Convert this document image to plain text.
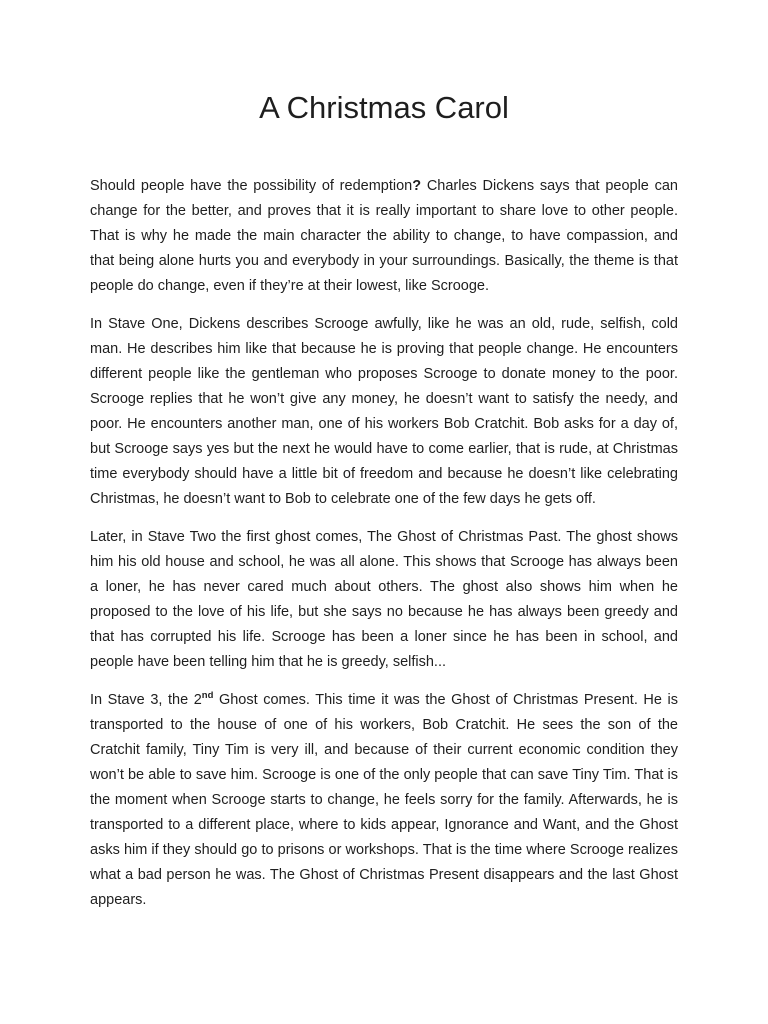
A Christmas Carol

Should people have the possibility of redemption? Charles Dickens says that people can change for the better, and proves that it is really important to share love to other people. That is why he made the main character the ability to change, to have compassion, and that being alone hurts you and everybody in your surroundings. Basically, the theme is that people do change, even if they’re at their lowest, like Scrooge.

In Stave One, Dickens describes Scrooge awfully, like he was an old, rude, selfish, cold man. He describes him like that because he is proving that people change. He encounters different people like the gentleman who proposes Scrooge to donate money to the poor. Scrooge replies that he won’t give any money, he doesn’t want to satisfy the needy, and poor. He encounters another man, one of his workers Bob Cratchit. Bob asks for a day of, but Scrooge says yes but the next he would have to come earlier, that is rude, at Christmas time everybody should have a little bit of freedom and because he doesn’t like celebrating Christmas, he doesn’t want to Bob to celebrate one of the few days he gets off.

Later, in Stave Two the first ghost comes, The Ghost of Christmas Past. The ghost shows him his old house and school, he was all alone. This shows that Scrooge has always been a loner, he has never cared much about others. The ghost also shows him when he proposed to the love of his life, but she says no because he has always been greedy and that has corrupted his life. Scrooge has been a loner since he has been in school, and people have been telling him that he is greedy, selfish...

In Stave 3, the 2nd Ghost comes. This time it was the Ghost of Christmas Present. He is transported to the house of one of his workers, Bob Cratchit. He sees the son of the Cratchit family, Tiny Tim is very ill, and because of their current economic condition they won’t be able to save him. Scrooge is one of the only people that can save Tiny Tim. That is the moment when Scrooge starts to change, he feels sorry for the family. Afterwards, he is transported to a different place, where to kids appear, Ignorance and Want, and the Ghost asks him if they should go to prisons or workshops. That is the time where Scrooge realizes what a bad person he was. The Ghost of Christmas Present disappears and the last Ghost appears.
